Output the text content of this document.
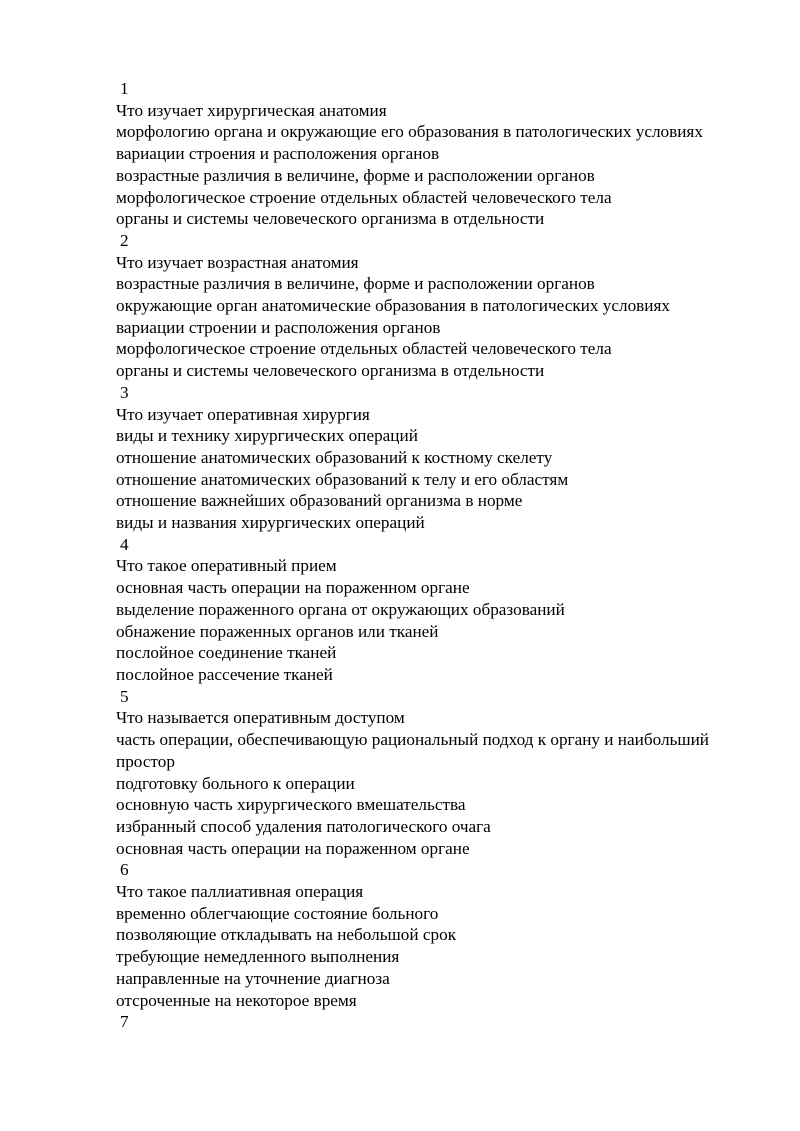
1
Что изучает хирургическая анатомия
морфологию органа и окружающие его образования в патологических условиях
вариации строения и расположения органов
возрастные различия в величине, форме и расположении органов
морфологическое строение отдельных областей человеческого тела
органы и системы человеческого организма в отдельности
2
Что изучает возрастная анатомия
возрастные различия в величине, форме и расположении органов
окружающие орган анатомические образования в патологических условиях
вариации строении и расположения органов
морфологическое строение отдельных областей человеческого тела
органы и системы человеческого организма в отдельности
3
Что изучает оперативная хирургия
виды и технику хирургических операций
отношение анатомических образований к костному скелету
отношение анатомических образований к телу и его областям
отношение важнейших образований организма в норме
виды и названия хирургических операций
4
Что такое оперативный прием
основная часть операции на пораженном органе
выделение пораженного органа от окружающих образований
обнажение пораженных органов или тканей
послойное соединение тканей
послойное рассечение тканей
5
Что называется оперативным доступом
часть операции, обеспечивающую рациональный подход к органу и наибольший простор
подготовку больного к операции
основную часть хирургического вмешательства
избранный способ удаления патологического очага
основная часть операции на пораженном органе
6
Что такое паллиативная операция
временно облегчающие состояние больного
позволяющие откладывать на небольшой срок
требующие немедленного выполнения
направленные на уточнение диагноза
отсроченные на некоторое время
7
